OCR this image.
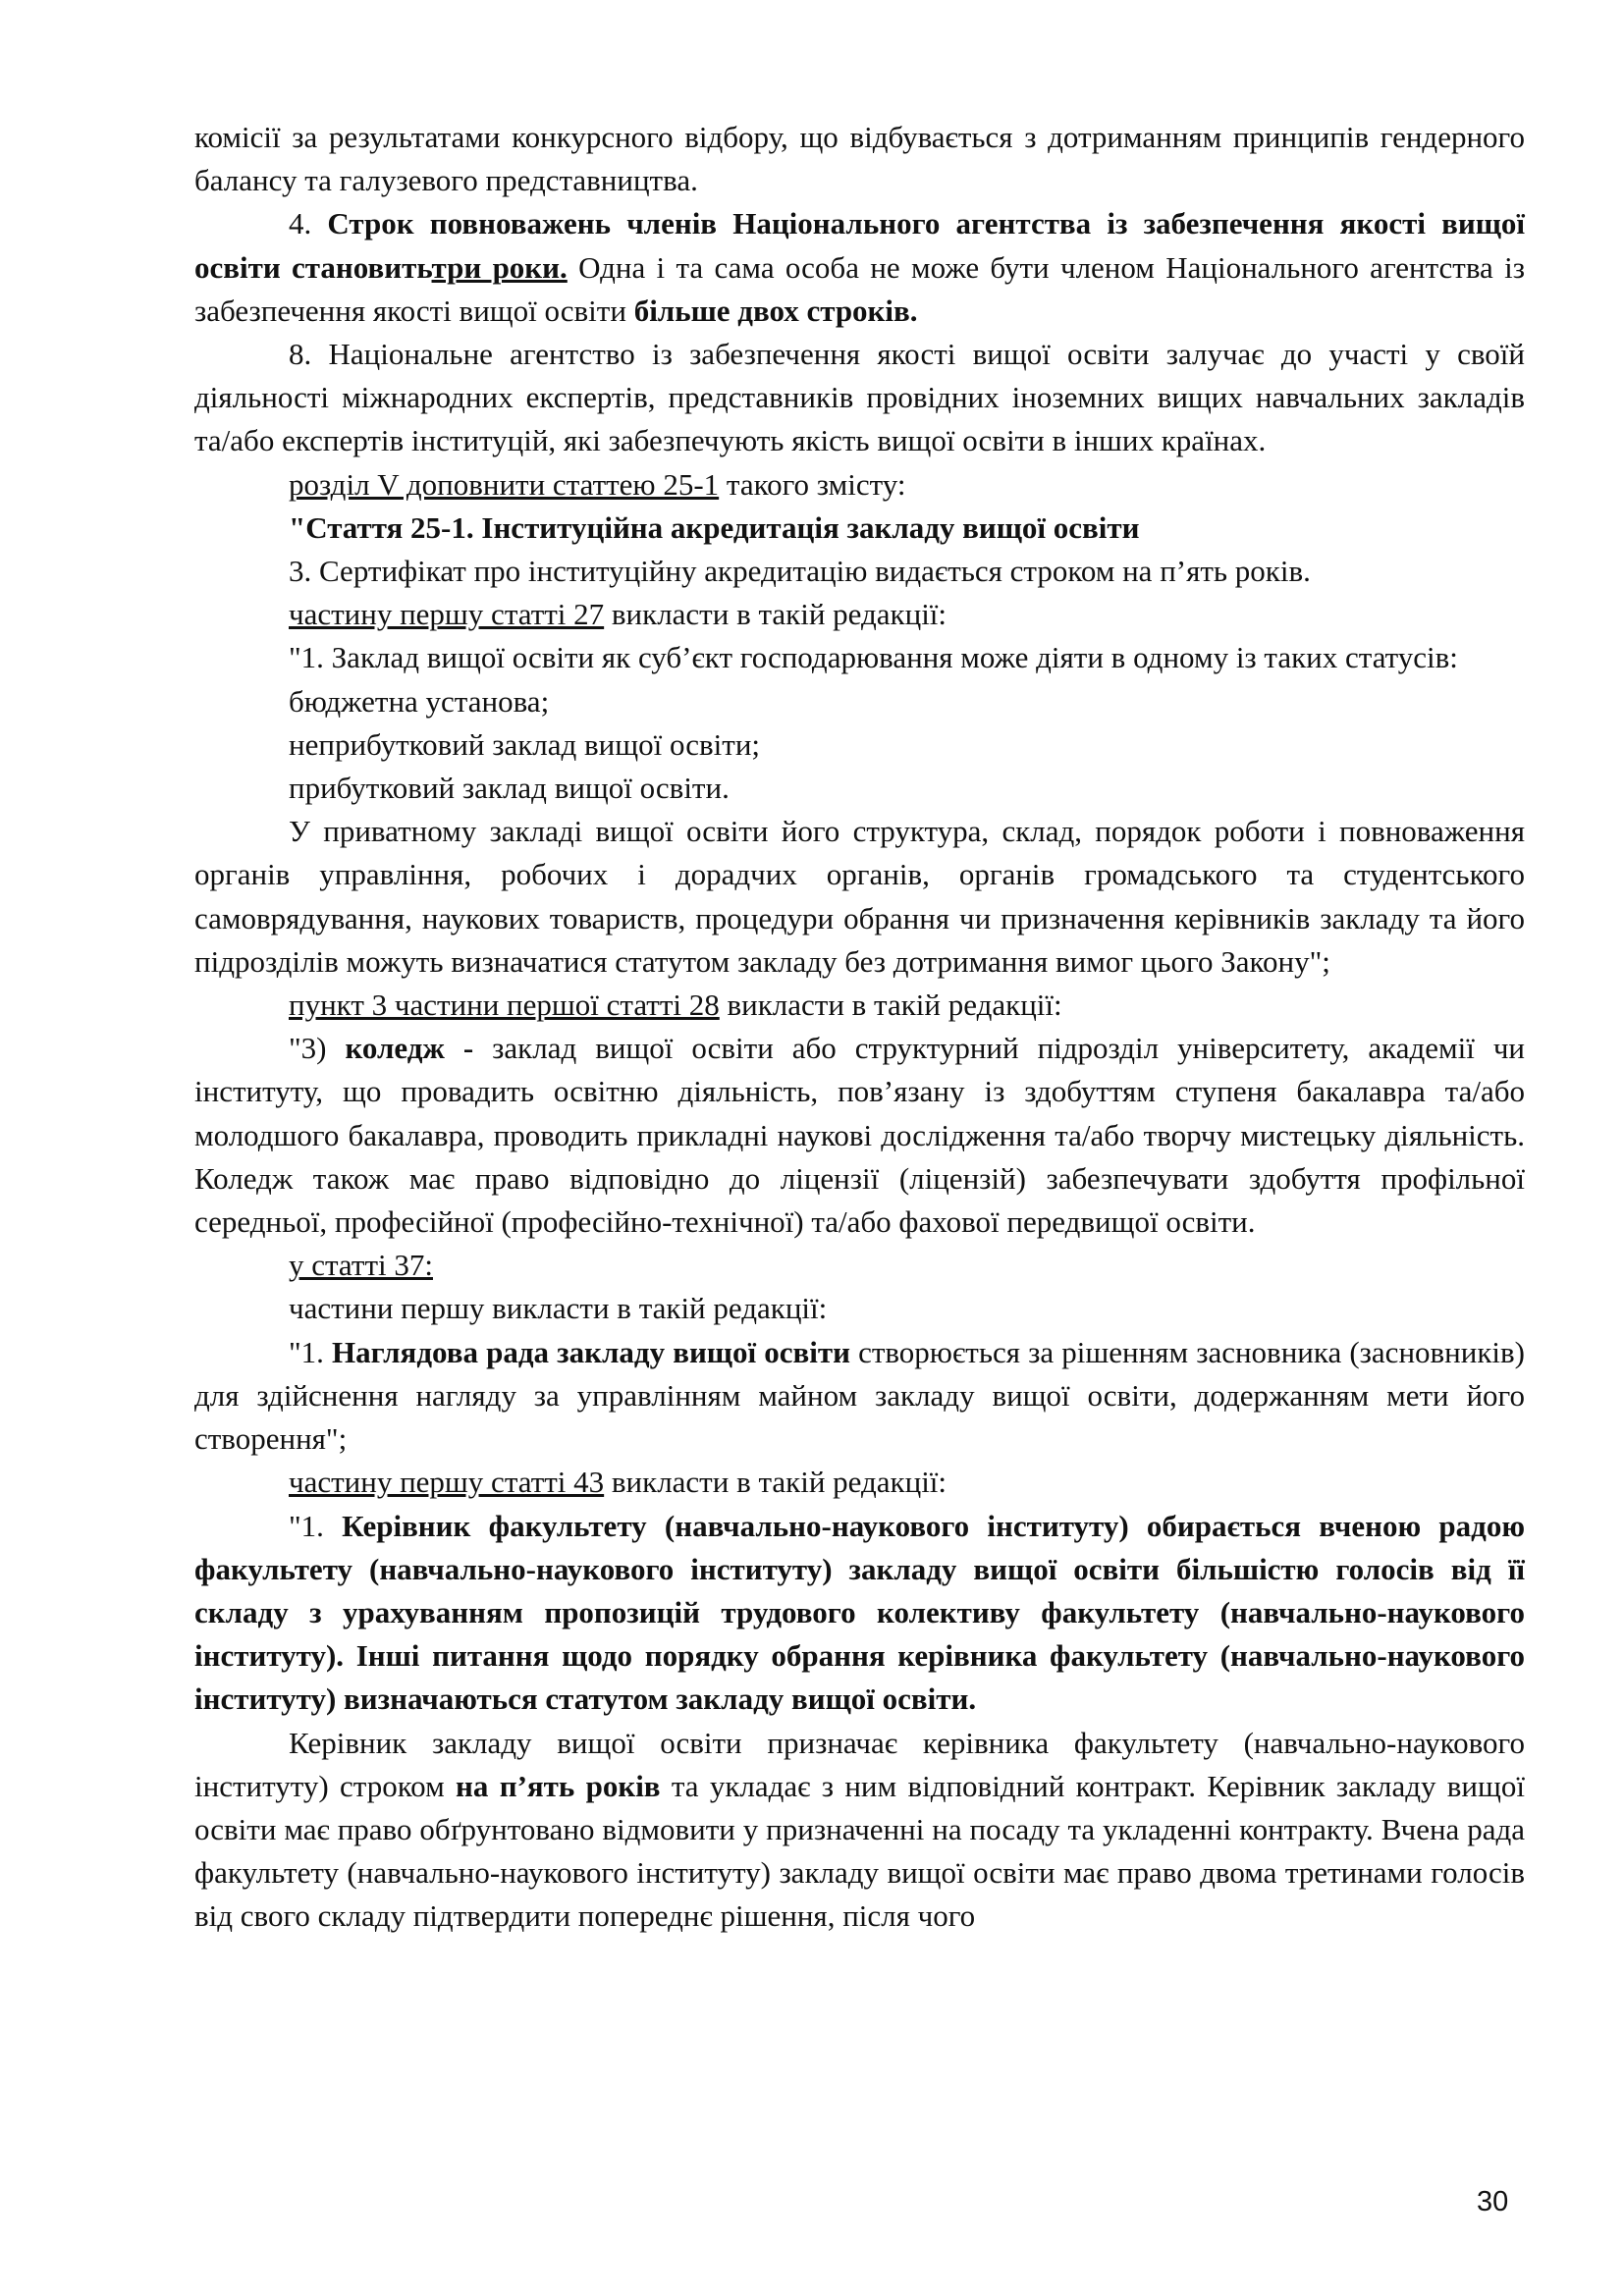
комісії за результатами конкурсного відбору, що відбувається з дотриманням принципів гендерного балансу та галузевого представництва.

4. Строк повноважень членів Національного агентства із забезпечення якості вищої освіти становитьтри роки. Одна і та сама особа не може бути членом Національного агентства із забезпечення якості вищої освіти більше двох строків.

8. Національне агентство із забезпечення якості вищої освіти залучає до участі у своїй діяльності міжнародних експертів, представників провідних іноземних вищих навчальних закладів та/або експертів інституцій, які забезпечують якість вищої освіти в інших країнах.

розділ V доповнити статтею 25-1 такого змісту:

"Стаття 25-1. Інституційна акредитація закладу вищої освіти

3. Сертифікат про інституційну акредитацію видається строком на п’ять років.

частину першу статті 27 викласти в такій редакції:

"1. Заклад вищої освіти як суб’єкт господарювання може діяти в одному із таких статусів:

бюджетна установа;

неприбутковий заклад вищої освіти;

прибутковий заклад вищої освіти.

У приватному закладі вищої освіти його структура, склад, порядок роботи і повноваження органів управління, робочих і дорадчих органів, органів громадського та студентського самоврядування, наукових товариств, процедури обрання чи призначення керівників закладу та його підрозділів можуть визначатися статутом закладу без дотримання вимог цього Закону";

пункт 3 частини першої статті 28 викласти в такій редакції:

"3) коледж - заклад вищої освіти або структурний підрозділ університету, академії чи інституту, що провадить освітню діяльність, пов’язану із здобуттям ступеня бакалавра та/або молодшого бакалавра, проводить прикладні наукові дослідження та/або творчу мистецьку діяльність. Коледж також має право відповідно до ліцензії (ліцензій) забезпечувати здобуття профільної середньої, професійної (професійно-технічної) та/або фахової передвищої освіти.

у статті 37:

частини першу викласти в такій редакції:

"1. Наглядова рада закладу вищої освіти створюється за рішенням засновника (засновників) для здійснення нагляду за управлінням майном закладу вищої освіти, додержанням мети його створення";

частину першу статті 43 викласти в такій редакції:

"1. Керівник факультету (навчально-наукового інституту) обирається вченою радою факультету (навчально-наукового інституту) закладу вищої освіти більшістю голосів від її складу з урахуванням пропозицій трудового колективу факультету (навчально-наукового інституту). Інші питання щодо порядку обрання керівника факультету (навчально-наукового інституту) визначаються статутом закладу вищої освіти.

Керівник закладу вищої освіти призначає керівника факультету (навчально-наукового інституту) строком на п’ять років та укладає з ним відповідний контракт. Керівник закладу вищої освіти має право обґрунтовано відмовити у призначенні на посаду та укладенні контракту. Вчена рада факультету (навчально-наукового інституту) закладу вищої освіти має право двома третинами голосів від свого складу підтвердити попереднє рішення, після чого

30
